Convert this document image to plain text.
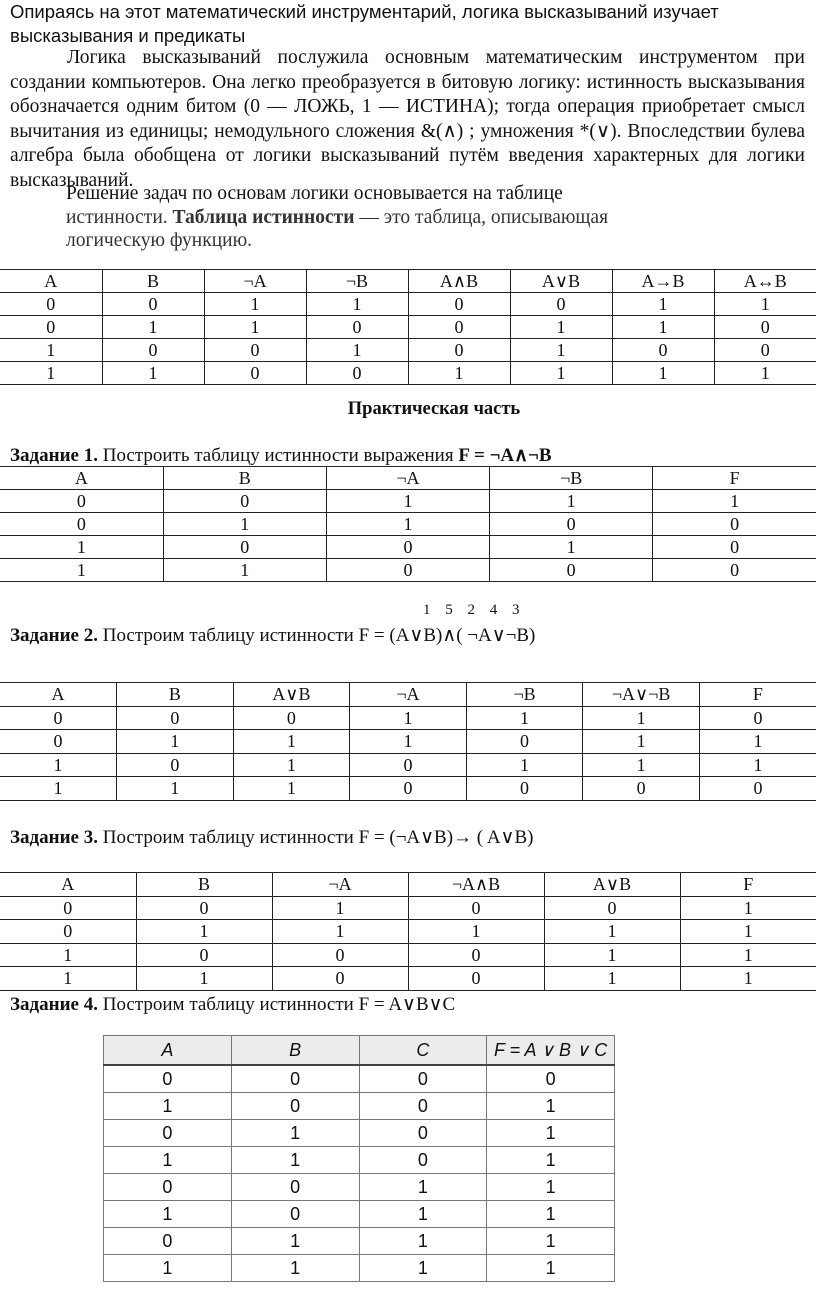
Опираясь на этот математический инструментарий, логика высказываний изучает
высказывания и предикаты
Логика высказываний послужила основным математическим инструментом при создании компьютеров. Она легко преобразуется в битовую логику: истинность высказывания обозначается одним битом (0 — ЛОЖЬ, 1 — ИСТИНА); тогда операция приобретает смысл вычитания из единицы; немодульного сложения &(∧) ; умножения *(∨). Впоследствии булева алгебра была обобщена от логики высказываний путём введения характерных для логики высказываний.
Решение задач по основам логики основывается на таблице
истинности. Таблица истинности — это таблица, описывающая
логическую функцию.
A	B	¬A	¬B	A∧B	A∨B	A→B	A↔B
0	0	1	1	0	0	1	1
0	1	1	0	0	1	1	0
1	0	0	1	0	1	0	0
1	1	0	0	1	1	1	1
Практическая часть
Задание 1. Построить таблицу истинности выражения F = ¬A∧¬B
A	B	¬A	¬B	F
0	0	1	1	1
0	1	1	0	0
1	0	0	1	0
1	1	0	0	0
1 5 2 4 3
Задание 2. Построим таблицу истинности F = (A∨B)∧( ¬A∨¬B)
A	B	A∨B	¬A	¬B	¬A∨¬B	F
0	0	0	1	1	1	0
0	1	1	1	0	1	1
1	0	1	0	1	1	1
1	1	1	0	0	0	0
Задание 3. Построим таблицу истинности F = (¬A∨B)→ ( A∨B)
A	B	¬A	¬A∧B	A∨B	F
0	0	1	0	0	1
0	1	1	1	1	1
1	0	0	0	1	1
1	1	0	0	1	1
Задание 4. Построим таблицу истинности F = A∨B∨C
A	B	C	F = A ∨ B ∨ C
0	0	0	0
1	0	0	1
0	1	0	1
1	1	0	1
0	0	1	1
1	0	1	1
0	1	1	1
1	1	1	1
